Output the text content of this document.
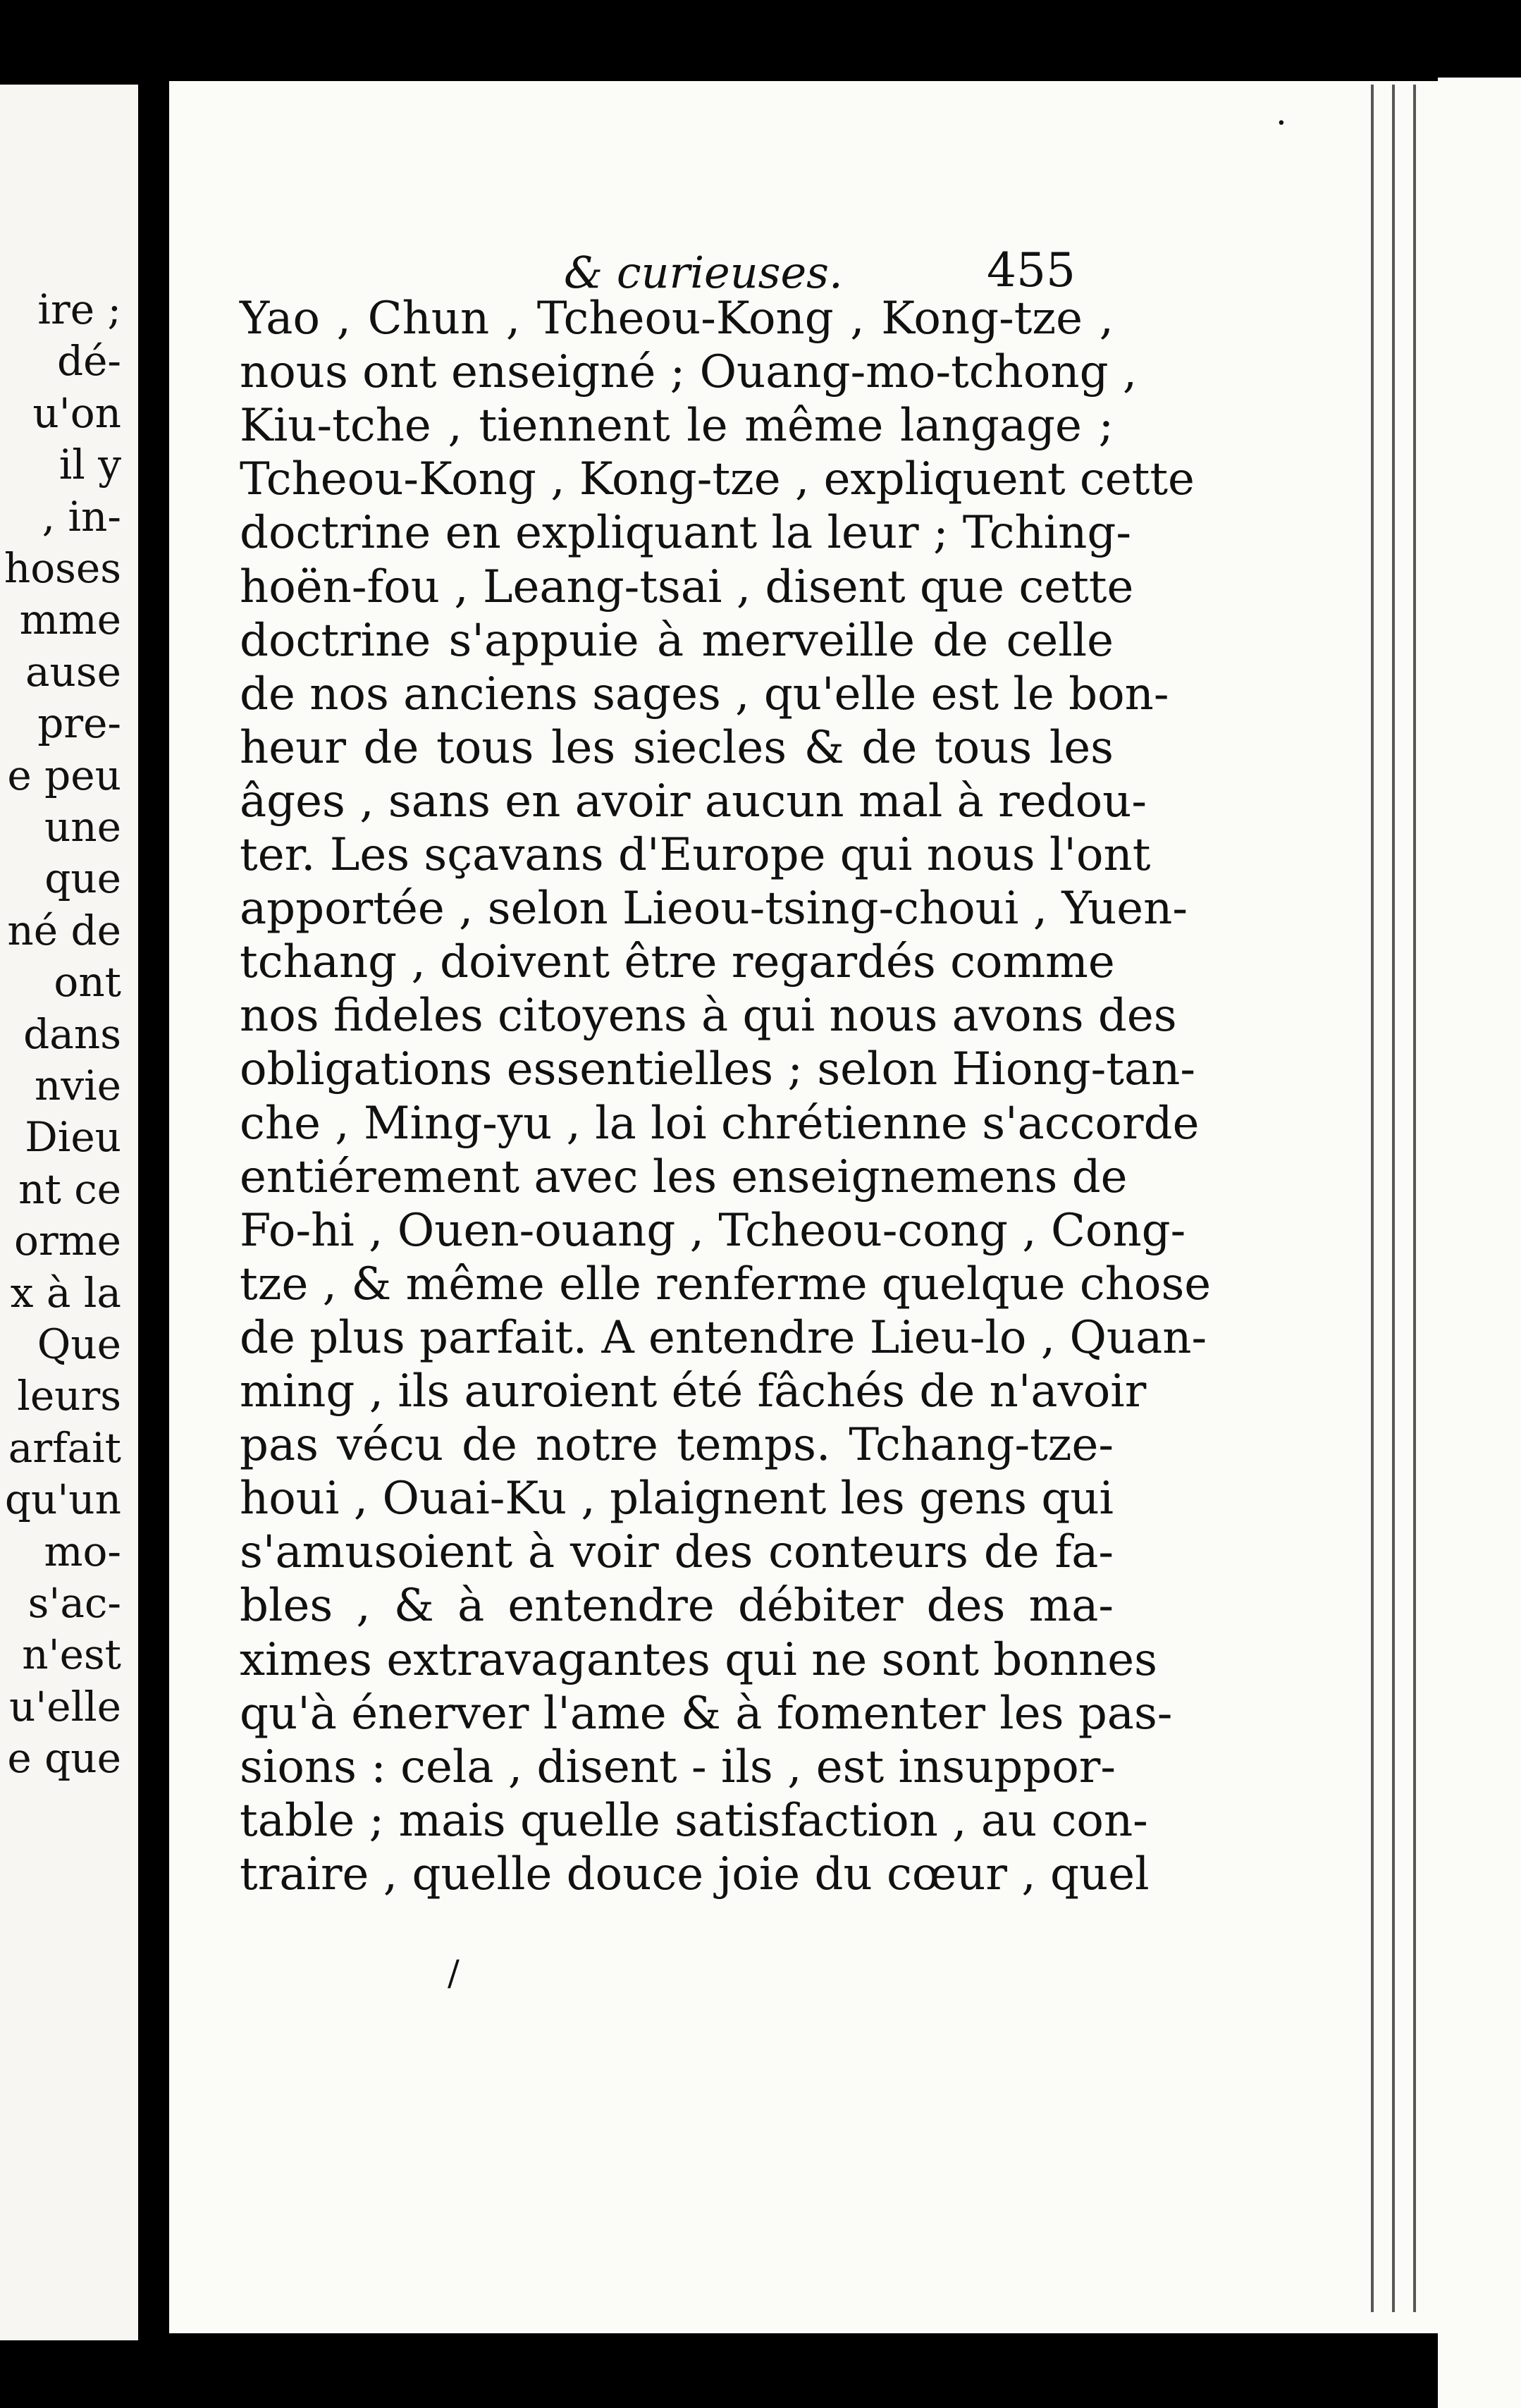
ire ;
dé-
u'on
il y
, in-
hoses
mme
ause
pre-
e peu
une
que
né de
ont
dans
nvie
Dieu
nt ce
orme
x à la
Que
leurs
arfait
qu'un
mo-
s'ac-
n'est
u'elle
e que
& curieuses.	455
Yao , Chun , Tcheou-Kong , Kong-tze ,
nous ont enseigné ; Ouang-mo-tchong ,
Kiu-tche , tiennent le même langage ;
Tcheou-Kong , Kong-tze , expliquent cette
doctrine en expliquant la leur ; Tching-
hoën-fou , Leang-tsai , disent que cette
doctrine s'appuie à merveille de celle
de nos anciens sages , qu'elle est le bon-
heur de tous les siecles & de tous les
âges , sans en avoir aucun mal à redou-
ter. Les sçavans d'Europe qui nous l'ont
apportée , selon Lieou-tsing-choui , Yuen-
tchang , doivent être regardés comme
nos fideles citoyens à qui nous avons des
obligations essentielles ; selon Hiong-tan-
che , Ming-yu , la loi chrétienne s'accorde
entiérement avec les enseignemens de
Fo-hi , Ouen-ouang , Tcheou-cong , Cong-
tze , & même elle renferme quelque chose
de plus parfait. A entendre Lieu-lo , Quan-
ming , ils auroient été fâchés de n'avoir
pas vécu de notre temps. Tchang-tze-
houi , Ouai-Ku , plaignent les gens qui
s'amusoient à voir des conteurs de fa-
bles , & à entendre débiter des ma-
ximes extravagantes qui ne sont bonnes
qu'à énerver l'ame & à fomenter les pas-
sions : cela , disent - ils , est insuppor-
table ; mais quelle satisfaction , au con-
traire , quelle douce joie du cœur , quel
·
/
